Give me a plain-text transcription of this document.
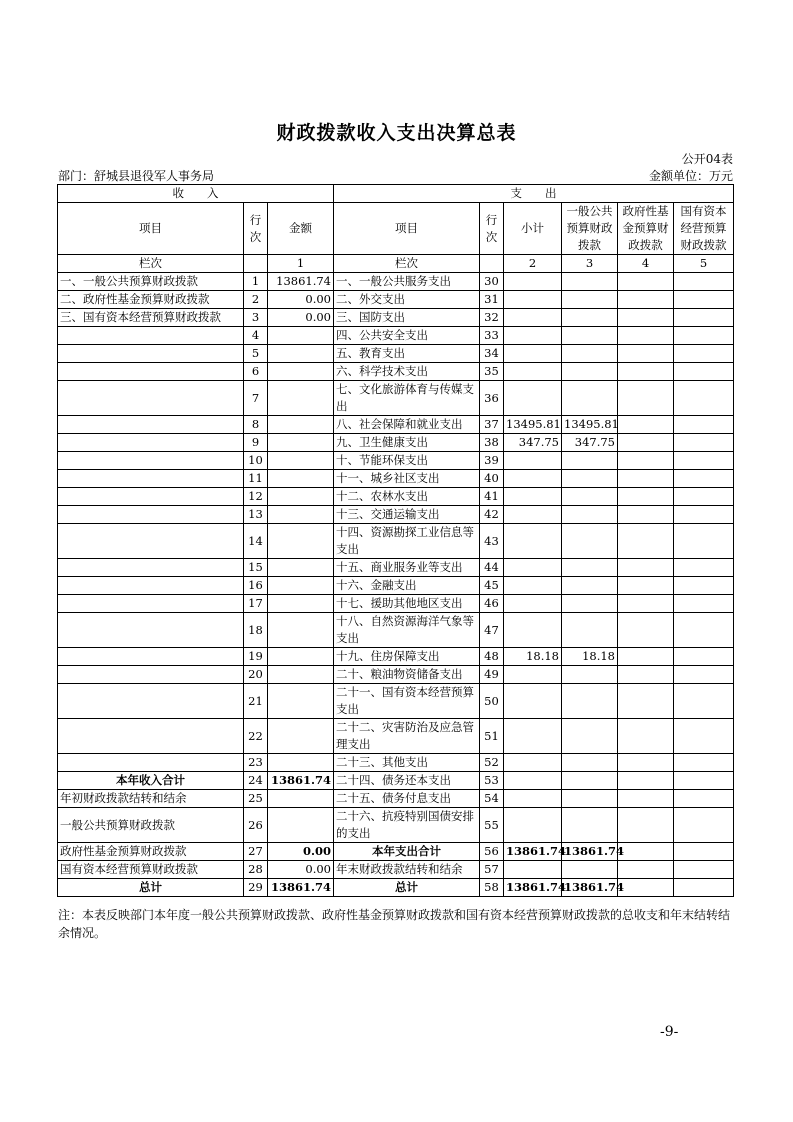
财政拨款收入支出决算总表
公开04表
部门：舒城县退役军人事务局	金额单位：万元
收　　入			支　　出					
项目	行次	金额	项目	行次	小计	一般公共预算财政拨款	政府性基金预算财政拨款	国有资本经营预算财政拨款
栏次		1	栏次		2	3	4	5
一、一般公共预算财政拨款	1	13861.74	一、一般公共服务支出	30				
二、政府性基金预算财政拨款	2	0.00	二、外交支出	31				
三、国有资本经营预算财政拨款	3	0.00	三、国防支出	32				
	4		四、公共安全支出	33				
	5		五、教育支出	34				
	6		六、科学技术支出	35				
	7		七、文化旅游体育与传媒支出	36				
	8		八、社会保障和就业支出	37	13495.81	13495.81		
	9		九、卫生健康支出	38	347.75	347.75		
	10		十、节能环保支出	39				
	11		十一、城乡社区支出	40				
	12		十二、农林水支出	41				
	13		十三、交通运输支出	42				
	14		十四、资源勘探工业信息等支出	43				
	15		十五、商业服务业等支出	44				
	16		十六、金融支出	45				
	17		十七、援助其他地区支出	46				
	18		十八、自然资源海洋气象等支出	47				
	19		十九、住房保障支出	48	18.18	18.18		
	20		二十、粮油物资储备支出	49				
	21		二十一、国有资本经营预算支出	50				
	22		二十二、灾害防治及应急管理支出	51				
	23		二十三、其他支出	52				
本年收入合计	24	13861.74	二十四、债务还本支出	53				
年初财政拨款结转和结余	25		二十五、债务付息支出	54				
一般公共预算财政拨款	26		二十六、抗疫特别国债安排的支出	55				
政府性基金预算财政拨款	27	0.00	本年支出合计	56	13861.74	13861.74		
国有资本经营预算财政拨款	28	0.00	年末财政拨款结转和结余	57				
总计	29	13861.74	总计	58	13861.74	13861.74		
注：本表反映部门本年度一般公共预算财政拨款、政府性基金预算财政拨款和国有资本经营预算财政拨款的总收支和年末结转结余情况。
-9-
